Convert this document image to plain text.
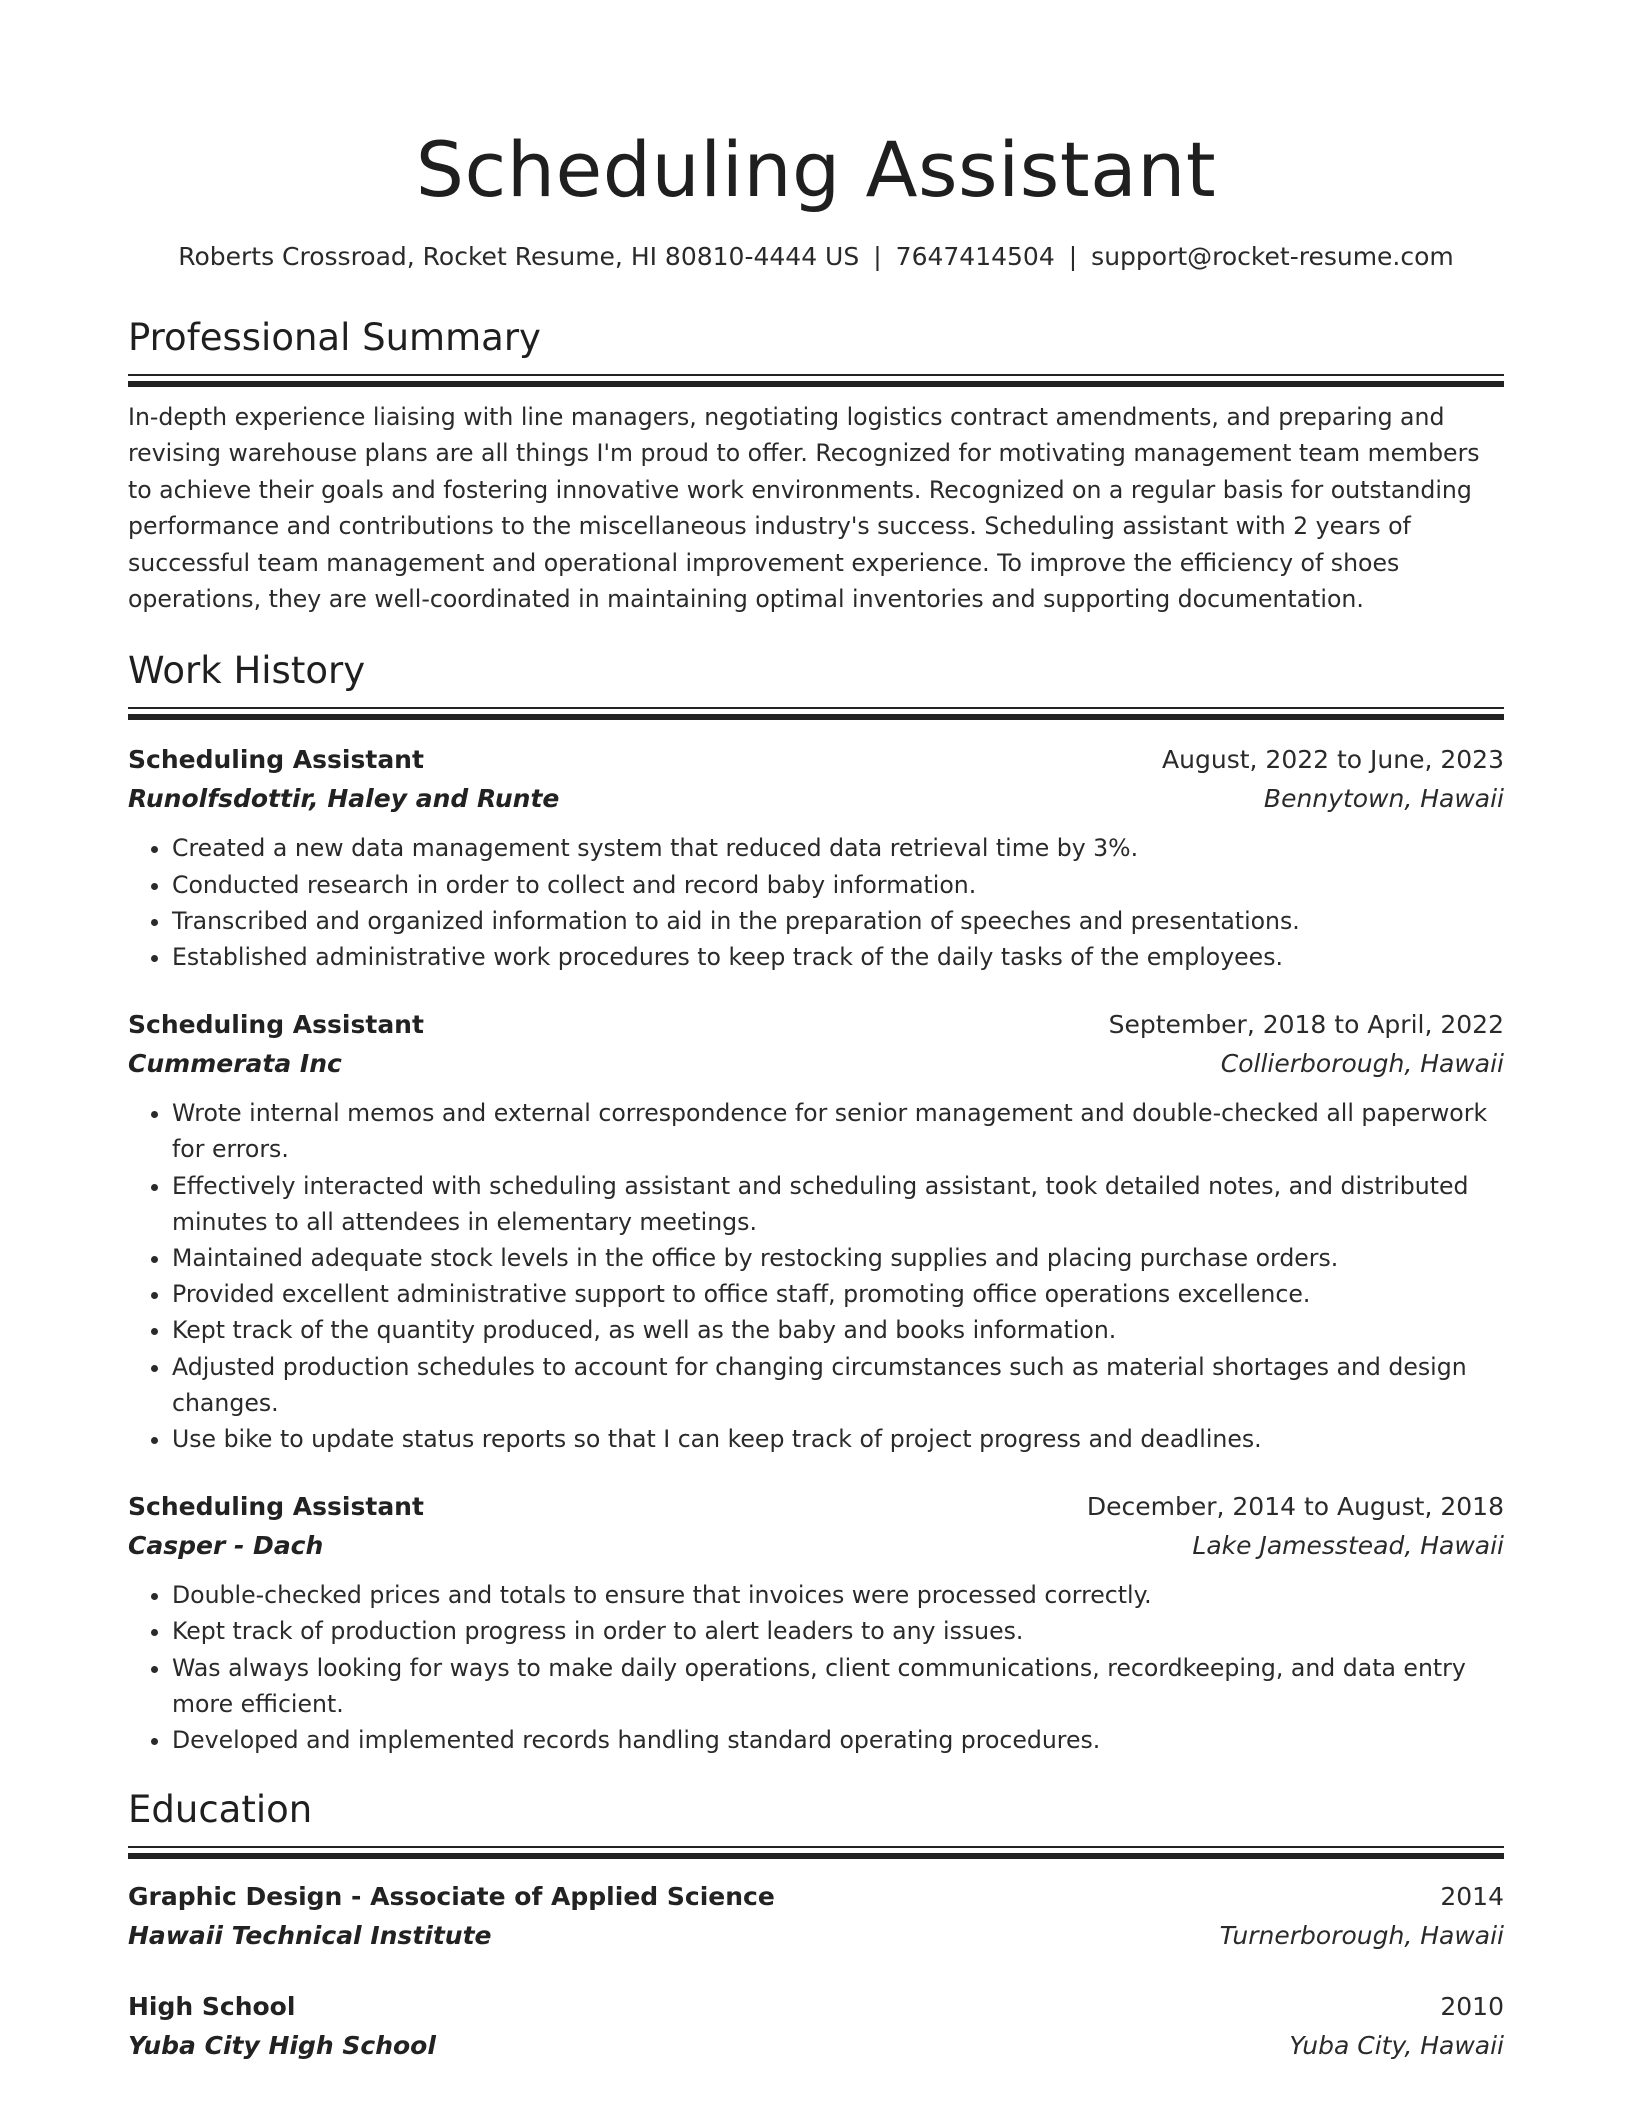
Scheduling Assistant
Roberts Crossroad, Rocket Resume, HI 80810-4444 US | 7647414504 | support@rocket-resume.com
Professional Summary
In-depth experience liaising with line managers, negotiating logistics contract amendments, and preparing and revising warehouse plans are all things I'm proud to offer. Recognized for motivating management team members to achieve their goals and fostering innovative work environments. Recognized on a regular basis for outstanding performance and contributions to the miscellaneous industry's success. Scheduling assistant with 2 years of successful team management and operational improvement experience. To improve the efficiency of shoes operations, they are well-coordinated in maintaining optimal inventories and supporting documentation.
Work History
Scheduling Assistant	August, 2022 to June, 2023
Runolfsdottir, Haley and Runte	Bennytown, Hawaii
• Created a new data management system that reduced data retrieval time by 3%.
• Conducted research in order to collect and record baby information.
• Transcribed and organized information to aid in the preparation of speeches and presentations.
• Established administrative work procedures to keep track of the daily tasks of the employees.
Scheduling Assistant	September, 2018 to April, 2022
Cummerata Inc	Collierborough, Hawaii
• Wrote internal memos and external correspondence for senior management and double-checked all paperwork for errors.
• Effectively interacted with scheduling assistant and scheduling assistant, took detailed notes, and distributed minutes to all attendees in elementary meetings.
• Maintained adequate stock levels in the office by restocking supplies and placing purchase orders.
• Provided excellent administrative support to office staff, promoting office operations excellence.
• Kept track of the quantity produced, as well as the baby and books information.
• Adjusted production schedules to account for changing circumstances such as material shortages and design changes.
• Use bike to update status reports so that I can keep track of project progress and deadlines.
Scheduling Assistant	December, 2014 to August, 2018
Casper - Dach	Lake Jamesstead, Hawaii
• Double-checked prices and totals to ensure that invoices were processed correctly.
• Kept track of production progress in order to alert leaders to any issues.
• Was always looking for ways to make daily operations, client communications, recordkeeping, and data entry more efficient.
• Developed and implemented records handling standard operating procedures.
Education
Graphic Design - Associate of Applied Science	2014
Hawaii Technical Institute	Turnerborough, Hawaii
High School	2010
Yuba City High School	Yuba City, Hawaii
